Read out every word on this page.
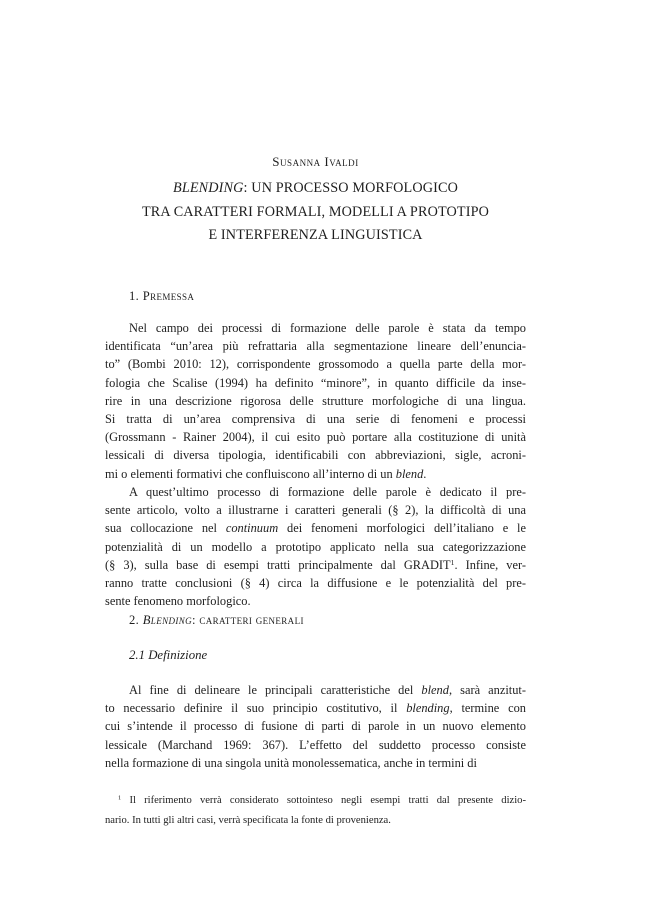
Susanna Ivaldi
BLENDING: UN PROCESSO MORFOLOGICO
TRA CARATTERI FORMALI, MODELLI A PROTOTIPO
E INTERFERENZA LINGUISTICA
1. Premessa
Nel campo dei processi di formazione delle parole è stata da tempo
identificata “un’area più refrattaria alla segmentazione lineare dell’enuncia-
to” (Bombi 2010: 12), corrispondente grossomodo a quella parte della mor-
fologia che Scalise (1994) ha definito “minore”, in quanto difficile da inse-
rire in una descrizione rigorosa delle strutture morfologiche di una lingua.
Si tratta di un’area comprensiva di una serie di fenomeni e processi
(Grossmann - Rainer 2004), il cui esito può portare alla costituzione di unità
lessicali di diversa tipologia, identificabili con abbreviazioni, sigle, acroni-
mi o elementi formativi che confluiscono all’interno di un blend.
A quest’ultimo processo di formazione delle parole è dedicato il pre-
sente articolo, volto a illustrarne i caratteri generali (§ 2), la difficoltà di una
sua collocazione nel continuum dei fenomeni morfologici dell’italiano e le
potenzialità di un modello a prototipo applicato nella sua categorizzazione
(§ 3), sulla base di esempi tratti principalmente dal GRADIT$^1$. Infine, ver-
ranno tratte conclusioni (§ 4) circa la diffusione e le potenzialità del pre-
sente fenomeno morfologico.
2. Blending: caratteri generali
2.1 Definizione
Al fine di delineare le principali caratteristiche del blend, sarà anzitut-
to necessario definire il suo principio costitutivo, il blending, termine con
cui s’intende il processo di fusione di parti di parole in un nuovo elemento
lessicale (Marchand 1969: 367). L’effetto del suddetto processo consiste
nella formazione di una singola unità monolessematica, anche in termini di
$^1$ Il riferimento verrà considerato sottointeso negli esempi tratti dal presente dizio-
nario. In tutti gli altri casi, verrà specificata la fonte di provenienza.
